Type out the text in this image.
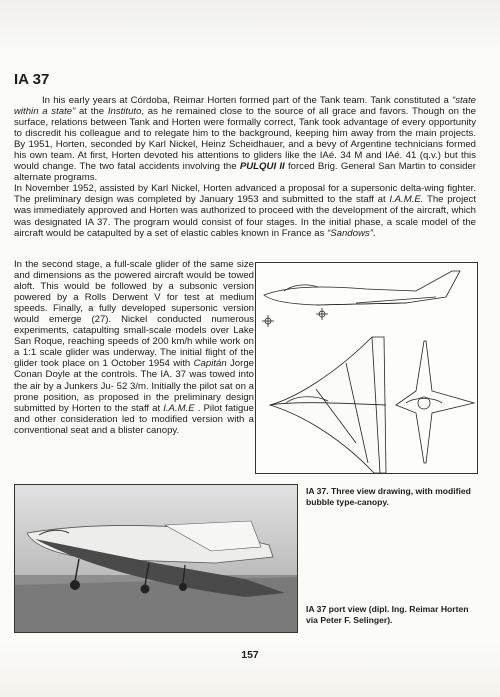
IA 37

In his early years at Córdoba, Reimar Horten formed part of the Tank team. Tank constituted a “state within a state” at the Instituto, as he remained close to the source of all grace and favors. Though on the surface, relations between Tank and Horten were formally correct, Tank took advantage of every opportunity to discredit his colleague and to relegate him to the background, keeping him away from the main projects. By 1951, Horten, seconded by Karl Nickel, Heinz Scheidhauer, and a bevy of Argentine technicians formed his own team. At first, Horten devoted his attentions to gliders like the IAé. 34 M and IAé. 41 (q.v.) but this would change. The two fatal accidents involving the PULQUI II forced Brig. General San Martin to consider alternate programs.

In November 1952, assisted by Karl Nickel, Horten advanced a proposal for a supersonic delta-wing fighter. The preliminary design was completed by January 1953 and submitted to the staff at I.A.M.E. The project was immediately approved and Horten was authorized to proceed with the development of the aircraft, which was designated IA 37. The program would consist of four stages. In the initial phase, a scale model of the aircraft would be catapulted by a set of elastic cables known in France as “Sandows”.

In the second stage, a full-scale glider of the same size and dimensions as the powered aircraft would be towed aloft. This would be followed by a subsonic version powered by a Rolls Derwent V for test at medium speeds. Finally, a fully developed supersonic version would emerge (27). Nickel conducted numerous experiments, catapulting small-scale models over Lake San Roque, reaching speeds of 200 km/h while work on a 1:1 scale glider was underway. The initial flight of the glider took place on 1 October 1954 with Capitán Jorge Conan Doyle at the controls. The IA. 37 was towed into the air by a Junkers Ju- 52 3/m. Initially the pilot sat on a prone position, as proposed in the preliminary design submitted by Horten to the staff at I.A.M.E . Pilot fatigue and other consideration led to modified version with a conventional seat and a blister canopy.

IA 37. Three view drawing, with modified bubble type-canopy.

IA 37 port view (dipl. Ing. Reimar Horten via Peter F. Selinger).

157
